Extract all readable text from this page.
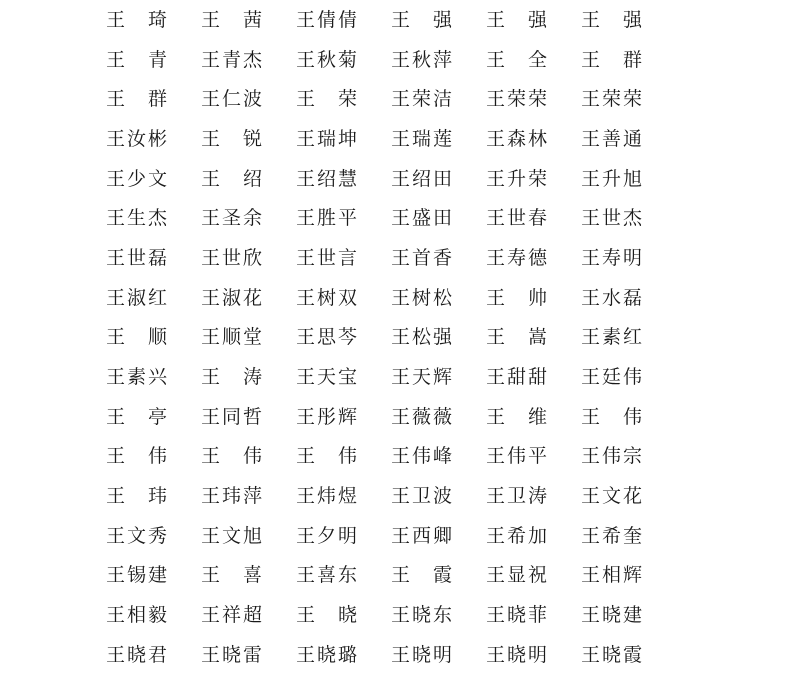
王　琦 王　茜 王倩倩 王　强 王　强 王　强
王　青 王青杰 王秋菊 王秋萍 王　全 王　群
王　群 王仁波 王　荣 王荣洁 王荣荣 王荣荣
王汝彬 王　锐 王瑞坤 王瑞莲 王森林 王善通
王少文 王　绍 王绍慧 王绍田 王升荣 王升旭
王生杰 王圣余 王胜平 王盛田 王世春 王世杰
王世磊 王世欣 王世言 王首香 王寿德 王寿明
王淑红 王淑花 王树双 王树松 王　帅 王水磊
王　顺 王顺堂 王思芩 王松强 王　嵩 王素红
王素兴 王　涛 王天宝 王天辉 王甜甜 王廷伟
王　亭 王同哲 王彤辉 王薇薇 王　维 王　伟
王　伟 王　伟 王　伟 王伟峰 王伟平 王伟宗
王　玮 王玮萍 王炜煜 王卫波 王卫涛 王文花
王文秀 王文旭 王夕明 王西卿 王希加 王希奎
王锡建 王　喜 王喜东 王　霞 王显祝 王相辉
王相毅 王祥超 王　晓 王晓东 王晓菲 王晓建
王晓君 王晓雷 王晓璐 王晓明 王晓明 王晓霞
